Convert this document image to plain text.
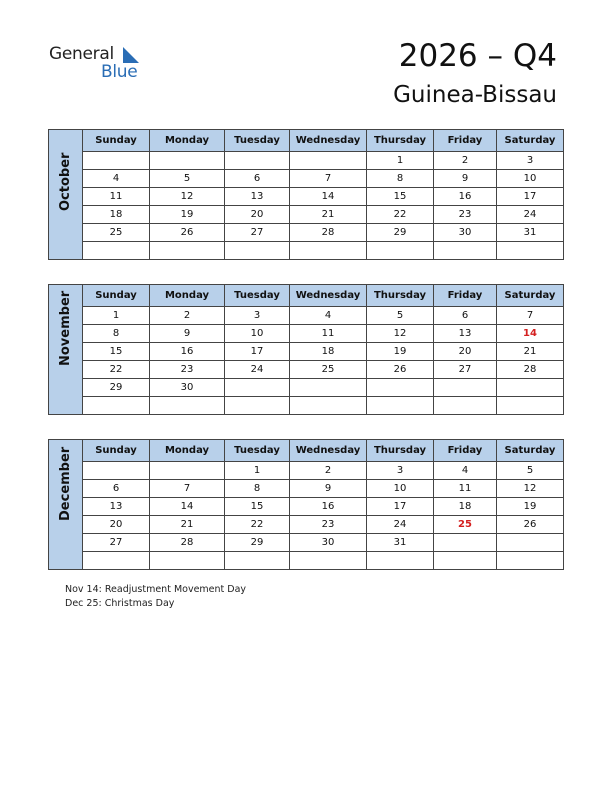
General
Blue	2026 – Q4
Guinea-Bissau
October	Sunday	Monday	Tuesday	Wednesday	Thursday	Friday	Saturday
					1	2	3
	4	5	6	7	8	9	10
	11	12	13	14	15	16	17
	18	19	20	21	22	23	24
	25	26	27	28	29	30	31

November	Sunday	Monday	Tuesday	Wednesday	Thursday	Friday	Saturday
	1	2	3	4	5	6	7
	8	9	10	11	12	13	14
	15	16	17	18	19	20	21
	22	23	24	25	26	27	28
	29	30					

December	Sunday	Monday	Tuesday	Wednesday	Thursday	Friday	Saturday
			1	2	3	4	5
	6	7	8	9	10	11	12
	13	14	15	16	17	18	19
	20	21	22	23	24	25	26
	27	28	29	30	31		

Nov 14: Readjustment Movement Day
Dec 25: Christmas Day
